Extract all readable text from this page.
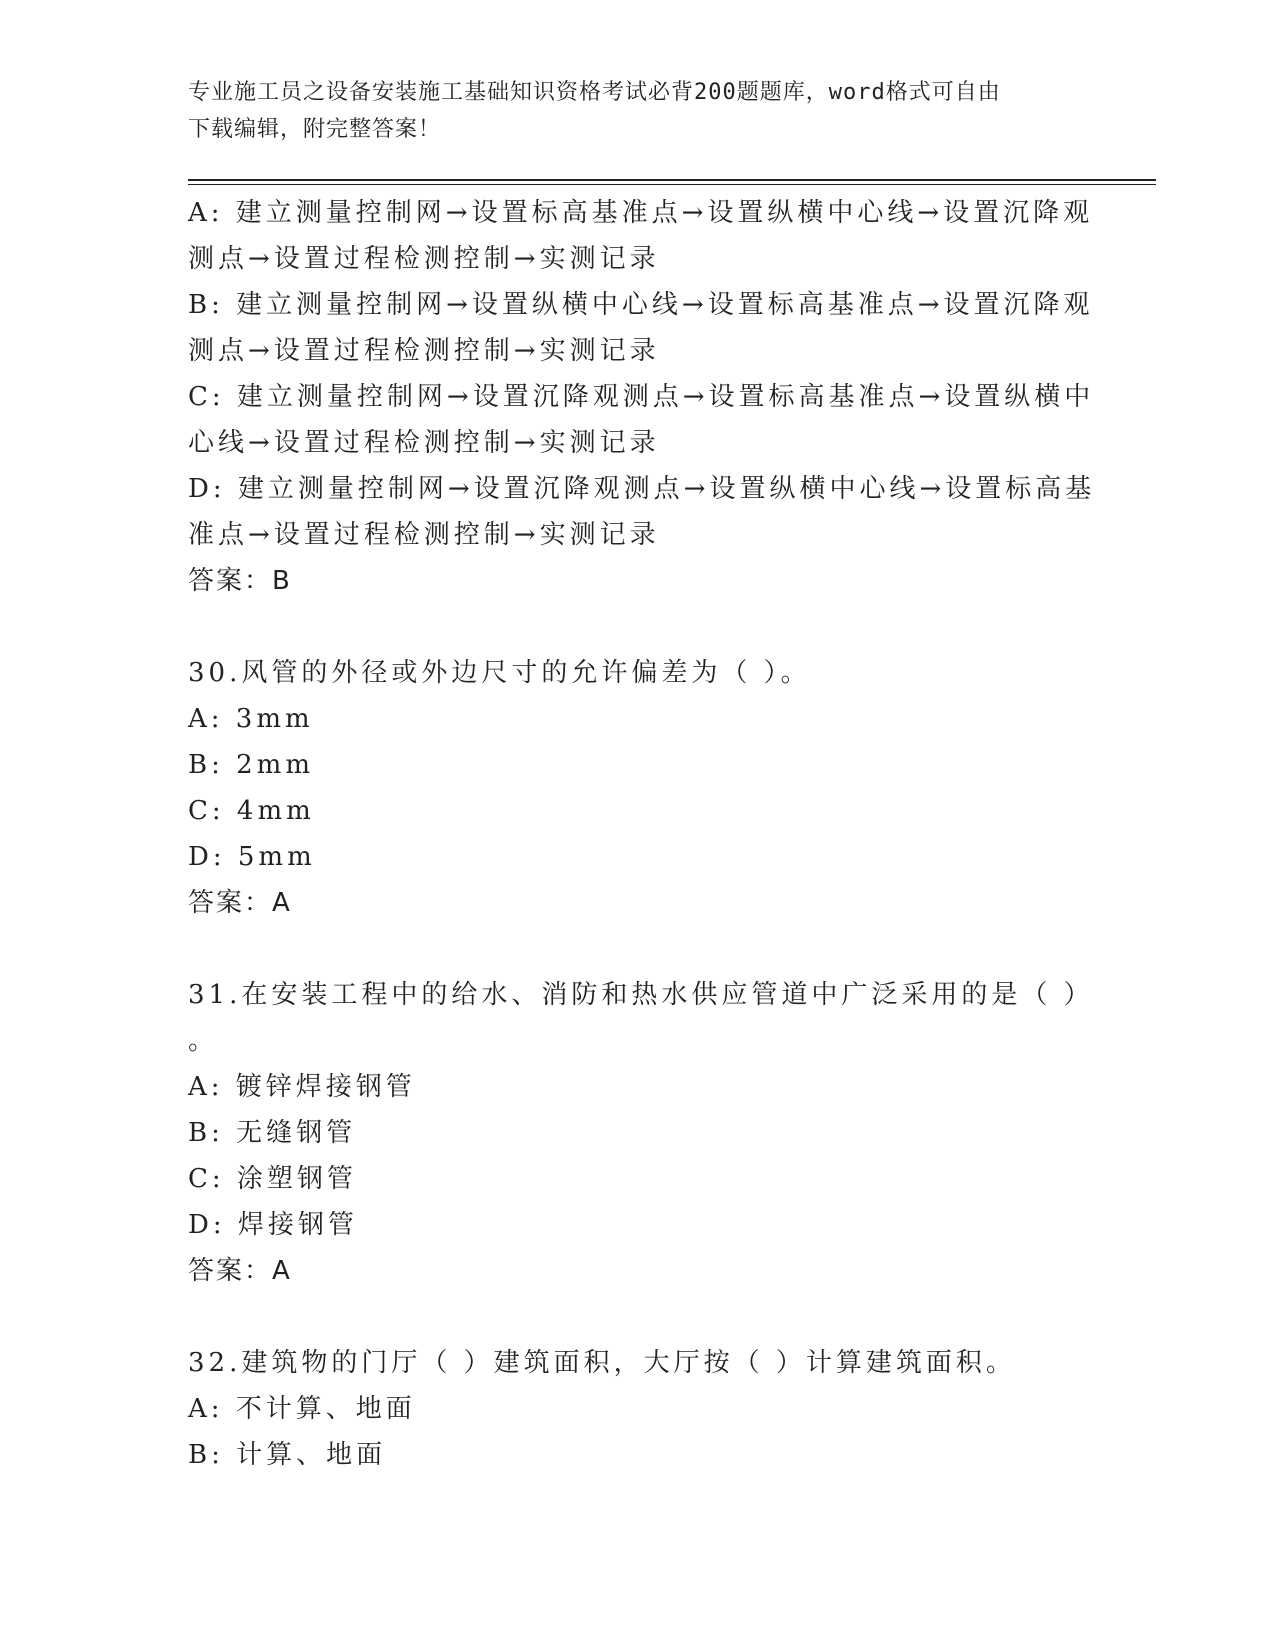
专业施工员之设备安装施工基础知识资格考试必背200题题库，word格式可自由
下载编辑，附完整答案！
A: 建立测量控制网→设置标高基准点→设置纵横中心线→设置沉降观
测点→设置过程检测控制→实测记录
B: 建立测量控制网→设置纵横中心线→设置标高基准点→设置沉降观
测点→设置过程检测控制→实测记录
C: 建立测量控制网→设置沉降观测点→设置标高基准点→设置纵横中
心线→设置过程检测控制→实测记录
D: 建立测量控制网→设置沉降观测点→设置纵横中心线→设置标高基
准点→设置过程检测控制→实测记录
答案：B
30.风管的外径或外边尺寸的允许偏差为（ ）。
A: 3mm
B: 2mm
C: 4mm
D: 5mm
答案：A
31.在安装工程中的给水、消防和热水供应管道中广泛采用的是（ ）
。
A: 镀锌焊接钢管
B: 无缝钢管
C: 涂塑钢管
D: 焊接钢管
答案：A
32.建筑物的门厅（ ）建筑面积，大厅按（ ）计算建筑面积。
A: 不计算、地面
B: 计算、地面
